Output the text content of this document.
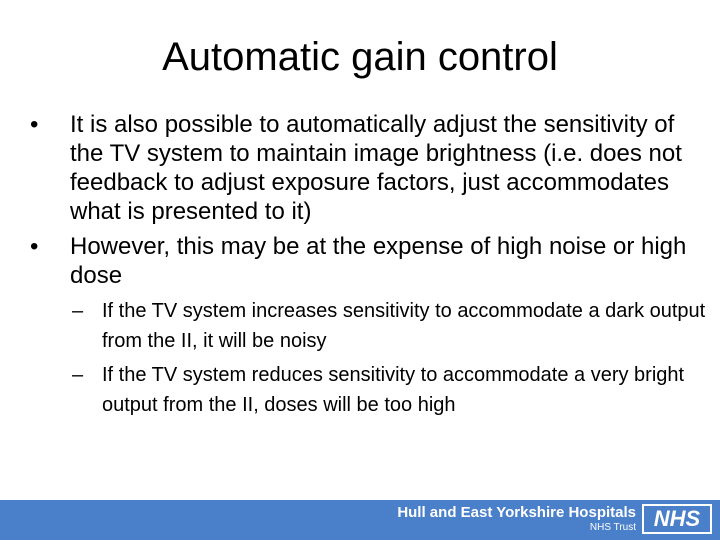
Automatic gain control
• It is also possible to automatically adjust the sensitivity of the TV system to maintain image brightness (i.e. does not feedback to adjust exposure factors, just accommodates what is presented to it)
• However, this may be at the expense of high noise or high dose
– If the TV system increases sensitivity to accommodate a dark output from the II, it will be noisy
– If the TV system reduces sensitivity to accommodate a very bright output from the II, doses will be too high
Hull and East Yorkshire Hospitals
NHS Trust NHS
